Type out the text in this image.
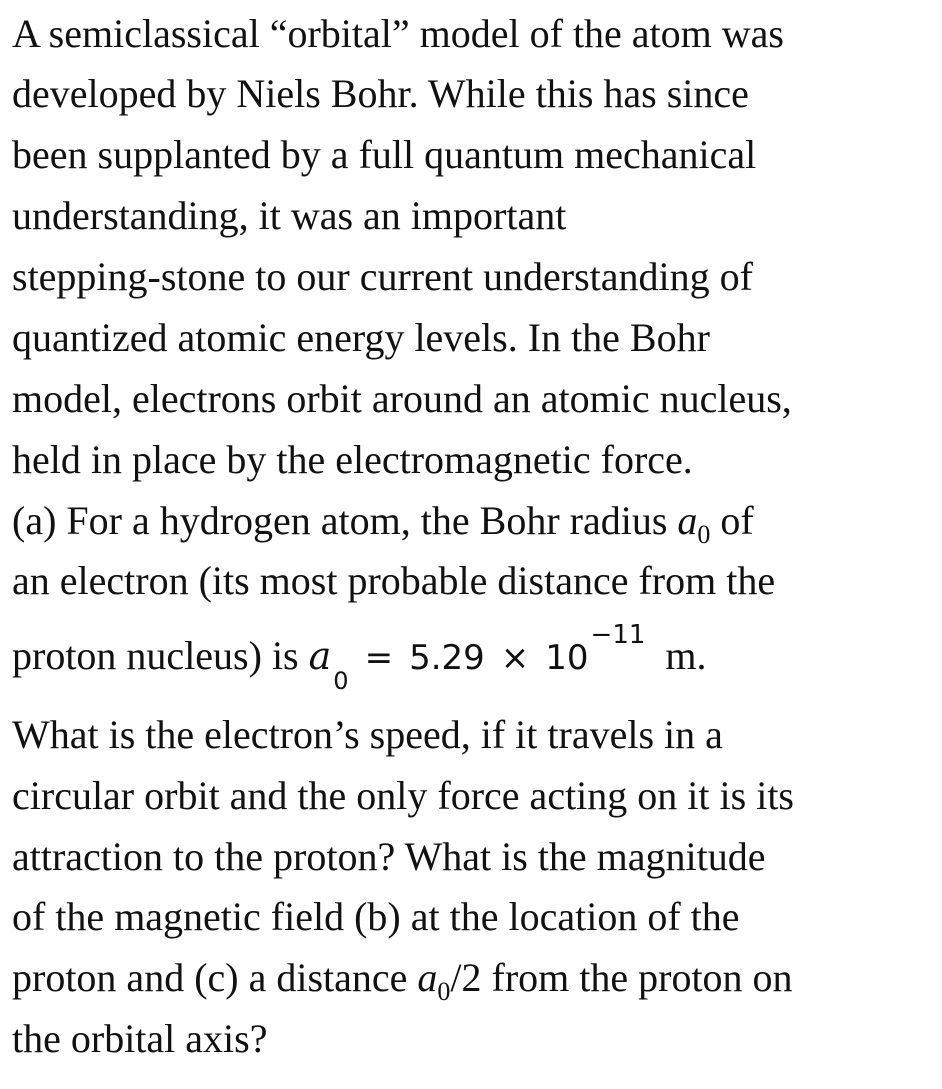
A semiclassical “orbital” model of the atom was
developed by Niels Bohr. While this has since
been supplanted by a full quantum mechanical
understanding, it was an important
stepping-stone to our current understanding of
quantized atomic energy levels. In the Bohr
model, electrons orbit around an atomic nucleus,
held in place by the electromagnetic force.
(a) For a hydrogen atom, the Bohr radius $a_0$ of
an electron (its most probable distance from the
proton nucleus) is $a_0= 5.29 \times 10^{-11}$ m.
What is the electron’s speed, if it travels in a
circular orbit and the only force acting on it is its
attraction to the proton? What is the magnitude
of the magnetic field (b) at the location of the
proton and (c) a distance $a_0/2$ from the proton on
the orbital axis?
